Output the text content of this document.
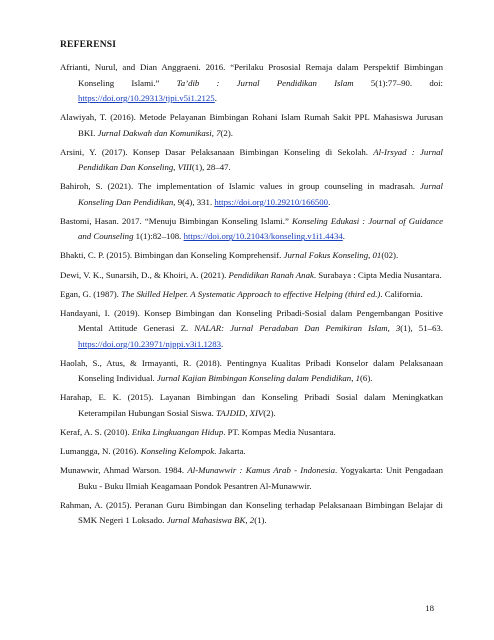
REFERENSI
Afrianti, Nurul, and Dian Anggraeni. 2016. “Perilaku Prososial Remaja dalam Perspektif Bimbingan Konseling Islami.” Ta’dib : Jurnal Pendidikan Islam 5(1):77–90. doi: https://doi.org/10.29313/tjpi.v5i1.2125.
Alawiyah, T. (2016). Metode Pelayanan Bimbingan Rohani Islam Rumah Sakit PPL Mahasiswa Jurusan BKI. Jurnal Dakwah dan Komunikasi, 7(2).
Arsini, Y. (2017). Konsep Dasar Pelaksanaan Bimbingan Konseling di Sekolah. Al-Irsyad : Jurnal Pendidikan Dan Konseling, VIII(1), 28–47.
Bahiroh, S. (2021). The implementation of Islamic values in group counseling in madrasah. Jurnal Konseling Dan Pendidikan, 9(4), 331. https://doi.org/10.29210/166500.
Bastomi, Hasan. 2017. “Menuju Bimbingan Konseling Islami.” Konseling Edukasi : Journal of Guidance and Counseling 1(1):82–108. https://doi.org/10.21043/konseling.v1i1.4434.
Bhakti, C. P. (2015). Bimbingan dan Konseling Komprehensif. Jurnal Fokus Konseling, 01(02).
Dewi, V. K., Sunarsih, D., & Khoiri, A. (2021). Pendidikan Ranah Anak. Surabaya : Cipta Media Nusantara.
Egan, G. (1987). The Skilled Helper. A Systematic Approach to effective Helping (third ed.). California.
Handayani, I. (2019). Konsep Bimbingan dan Konseling Pribadi-Sosial dalam Pengembangan Positive Mental Attitude Generasi Z. NALAR: Jurnal Peradaban Dan Pemikiran Islam, 3(1), 51–63. https://doi.org/10.23971/njppi.v3i1.1283.
Haolah, S., Atus, & Irmayanti, R. (2018). Pentingnya Kualitas Pribadi Konselor dalam Pelaksanaan Konseling Individual. Jurnal Kajian Bimbingan Konseling dalam Pendidikan, 1(6).
Harahap, E. K. (2015). Layanan Bimbingan dan Konseling Pribadi Sosial dalam Meningkatkan Keterampilan Hubungan Sosial Siswa. TAJDID, XIV(2).
Keraf, A. S. (2010). Etika Lingkuangan Hidup. PT. Kompas Media Nusantara.
Lumangga, N. (2016). Konseling Kelompok. Jakarta.
Munawwir, Ahmad Warson. 1984. Al-Munawwir : Kamus Arab - Indonesia. Yogyakarta: Unit Pengadaan Buku - Buku Ilmiah Keagamaan Pondok Pesantren Al-Munawwir.
Rahman, A. (2015). Peranan Guru Bimbingan dan Konseling terhadap Pelaksanaan Bimbingan Belajar di SMK Negeri 1 Loksado. Jurnal Mahasiswa BK, 2(1).
18
